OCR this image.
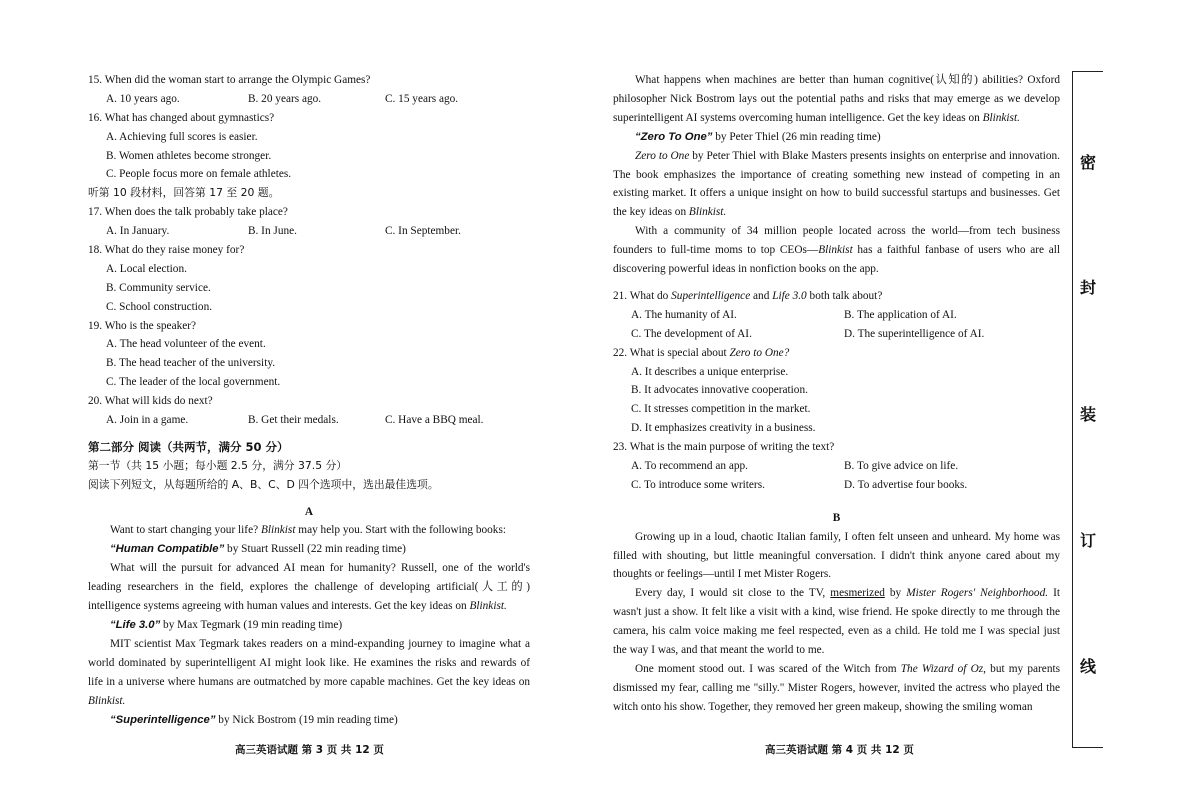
15. When did the woman start to arrange the Olympic Games?
A. 10 years ago.	B. 20 years ago.	C. 15 years ago.
16. What has changed about gymnastics?
A. Achieving full scores is easier.
B. Women athletes become stronger.
C. People focus more on female athletes.
听第 10 段材料，回答第 17 至 20 题。
17. When does the talk probably take place?
A. In January.	B. In June.	C. In September.
18. What do they raise money for?
A. Local election.
B. Community service.
C. School construction.
19. Who is the speaker?
A. The head volunteer of the event.
B. The head teacher of the university.
C. The leader of the local government.
20. What will kids do next?
A. Join in a game.	B. Get their medals.	C. Have a BBQ meal.
第二部分 阅读（共两节，满分 50 分）
第一节（共 15 小题；每小题 2.5 分，满分 37.5 分）
阅读下列短文，从每题所给的 A、B、C、D 四个选项中，选出最佳选项。
A
Want to start changing your life? Blinkist may help you. Start with the following books:
“Human Compatible” by Stuart Russell (22 min reading time)
What will the pursuit for advanced AI mean for humanity? Russell, one of the world's leading researchers in the field, explores the challenge of developing artificial(人工的) intelligence systems agreeing with human values and interests. Get the key ideas on Blinkist.
“Life 3.0” by Max Tegmark (19 min reading time)
MIT scientist Max Tegmark takes readers on a mind-expanding journey to imagine what a world dominated by superintelligent AI might look like. He examines the risks and rewards of life in a universe where humans are outmatched by more capable machines. Get the key ideas on Blinkist.
“Superintelligence” by Nick Bostrom (19 min reading time)
What happens when machines are better than human cognitive(认知的) abilities? Oxford philosopher Nick Bostrom lays out the potential paths and risks that may emerge as we develop superintelligent AI systems overcoming human intelligence. Get the key ideas on Blinkist.
“Zero To One” by Peter Thiel (26 min reading time)
Zero to One by Peter Thiel with Blake Masters presents insights on enterprise and innovation. The book emphasizes the importance of creating something new instead of competing in an existing market. It offers a unique insight on how to build successful startups and businesses. Get the key ideas on Blinkist.
With a community of 34 million people located across the world—from tech business founders to full-time moms to top CEOs—Blinkist has a faithful fanbase of users who are all discovering powerful ideas in nonfiction books on the app.
21. What do Superintelligence and Life 3.0 both talk about?
A. The humanity of AI.	B. The application of AI.
C. The development of AI.	D. The superintelligence of AI.
22. What is special about Zero to One?
A. It describes a unique enterprise.
B. It advocates innovative cooperation.
C. It stresses competition in the market.
D. It emphasizes creativity in a business.
23. What is the main purpose of writing the text?
A. To recommend an app.	B. To give advice on life.
C. To introduce some writers.	D. To advertise four books.
B
Growing up in a loud, chaotic Italian family, I often felt unseen and unheard. My home was filled with shouting, but little meaningful conversation. I didn't think anyone cared about my thoughts or feelings—until I met Mister Rogers.
Every day, I would sit close to the TV, mesmerized by Mister Rogers' Neighborhood. It wasn't just a show. It felt like a visit with a kind, wise friend. He spoke directly to me through the camera, his calm voice making me feel respected, even as a child. He told me I was special just the way I was, and that meant the world to me.
One moment stood out. I was scared of the Witch from The Wizard of Oz, but my parents dismissed my fear, calling me "silly." Mister Rogers, however, invited the actress who played the witch onto his show. Together, they removed her green makeup, showing the smiling woman
高三英语试题 第 3 页 共 12 页	高三英语试题 第 4 页 共 12 页
密
封
装
订
线
